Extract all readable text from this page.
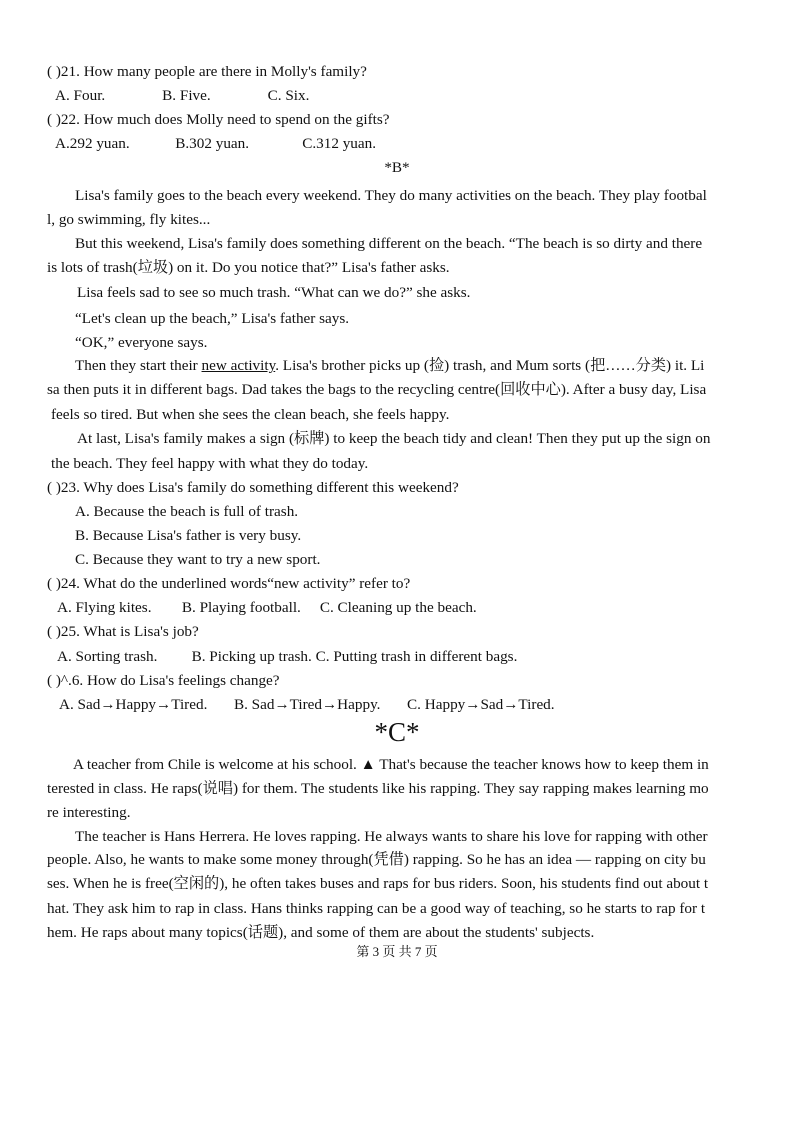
( )21. How many people are there in Molly's family?
A. Four.               B. Five.               C. Six.
( )22. How much does Molly need to spend on the gifts?
A.292 yuan.            B.302 yuan.              C.312 yuan.
*B*
Lisa's family goes to the beach every weekend. They do many activities on the beach. They play footbal
l, go swimming, fly kites...
But this weekend, Lisa's family does something different on the beach. “The beach is so dirty and there
is lots of trash(垃圾) on it. Do you notice that?” Lisa's father asks.
Lisa feels sad to see so much trash. “What can we do?” she asks.
“Let's clean up the beach,” Lisa's father says.
“OK,” everyone says.
Then they start their new activity. Lisa's brother picks up (捡) trash, and Mum sorts (把……分类) it. Li
sa then puts it in different bags. Dad takes the bags to the recycling centre(回收中心). After a busy day, Lisa
feels so tired. But when she sees the clean beach, she feels happy.
At last, Lisa's family makes a sign (标牌) to keep the beach tidy and clean! Then they put up the sign on
the beach. They feel happy with what they do today.
( )23. Why does Lisa's family do something different this weekend?
A. Because the beach is full of trash.
B. Because Lisa's father is very busy.
C. Because they want to try a new sport.
( )24. What do the underlined words“new activity” refer to?
A. Flying kites.        B. Playing football.     C. Cleaning up the beach.
( )25. What is Lisa's job?
A. Sorting trash.         B. Picking up trash. C. Putting trash in different bags.
( )^.6. How do Lisa's feelings change?
A. Sad→Happy→Tired.       B. Sad→Tired→Happy.       C. Happy→Sad→Tired.
*C*
A teacher from Chile is welcome at his school. ▲ That's because the teacher knows how to keep them in
terested in class. He raps(说唱) for them. The students like his rapping. They say rapping makes learning mo
re interesting.
The teacher is Hans Herrera. He loves rapping. He always wants to share his love for rapping with other
people. Also, he wants to make some money through(凭借) rapping. So he has an idea — rapping on city bu
ses. When he is free(空闲的), he often takes buses and raps for bus riders. Soon, his students find out about t
hat. They ask him to rap in class. Hans thinks rapping can be a good way of teaching, so he starts to rap for t
hem. He raps about many topics(话题), and some of them are about the students' subjects.
第 3 页 共 7 页
